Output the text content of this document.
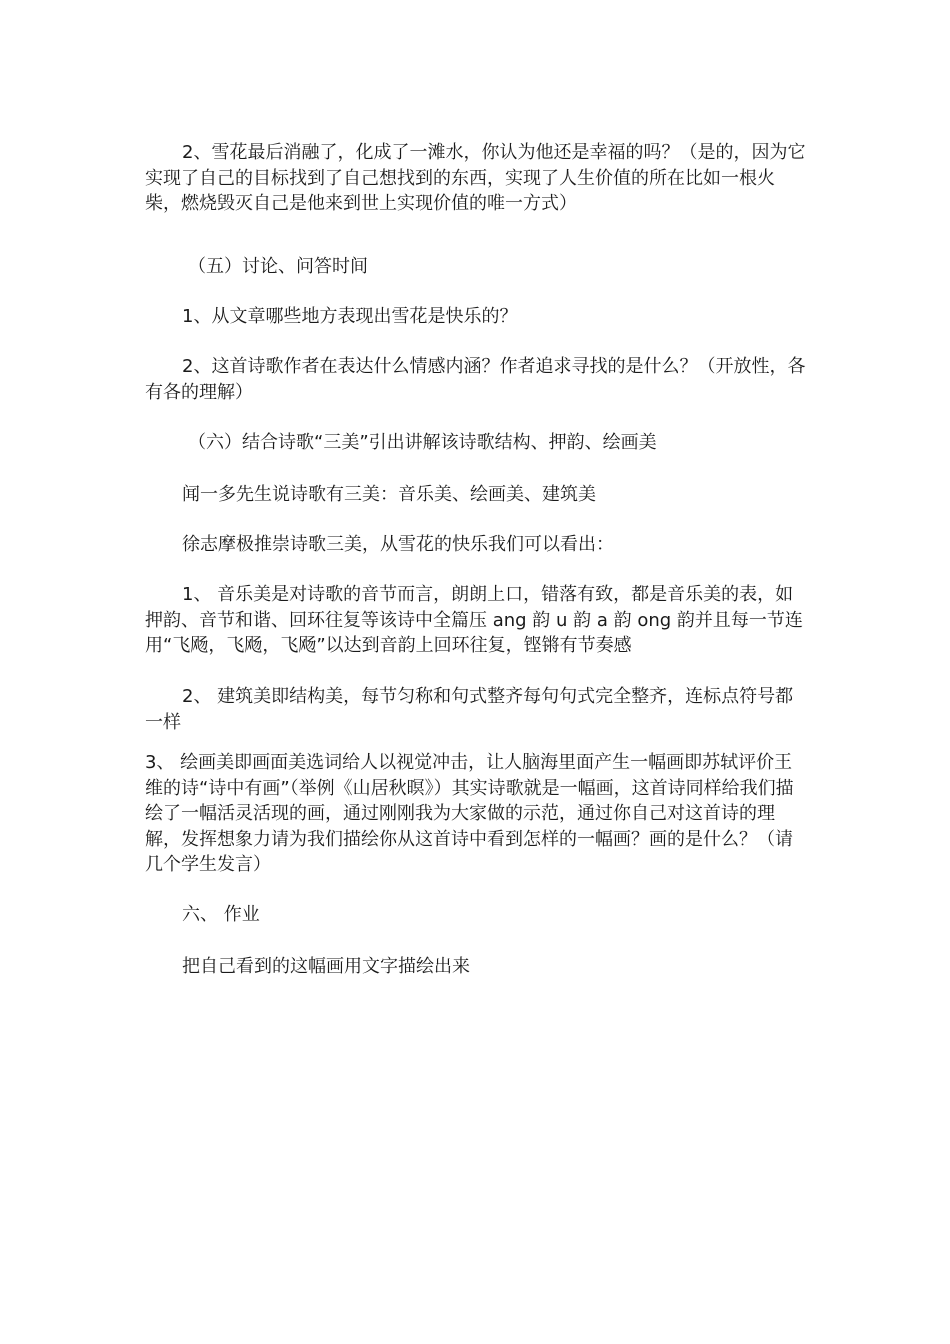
2、雪花最后消融了，化成了一滩水，你认为他还是幸福的吗？（是的，因为它实现了自己的目标找到了自己想找到的东西，实现了人生价值的所在比如一根火柴，燃烧毁灭自己是他来到世上实现价值的唯一方式）

（五）讨论、问答时间

1、从文章哪些地方表现出雪花是快乐的？

2、这首诗歌作者在表达什么情感内涵？作者追求寻找的是什么？（开放性，各有各的理解）

（六）结合诗歌“三美”引出讲解该诗歌结构、押韵、绘画美

闻一多先生说诗歌有三美：音乐美、绘画美、建筑美

徐志摩极推崇诗歌三美，从雪花的快乐我们可以看出：

1、 音乐美是对诗歌的音节而言，朗朗上口，错落有致，都是音乐美的表，如押韵、音节和谐、回环往复等该诗中全篇压 ang 韵 u 韵 a 韵 ong 韵并且每一节连用“飞飏，飞飏，飞飏”以达到音韵上回环往复，铿锵有节奏感

2、 建筑美即结构美，每节匀称和句式整齐每句句式完全整齐，连标点符号都一样

3、 绘画美即画面美选词给人以视觉冲击，让人脑海里面产生一幅画即苏轼评价王维的诗“诗中有画”（举例《山居秋暝》）其实诗歌就是一幅画，这首诗同样给我们描绘了一幅活灵活现的画，通过刚刚我为大家做的示范，通过你自己对这首诗的理解，发挥想象力请为我们描绘你从这首诗中看到怎样的一幅画？画的是什么？（请几个学生发言）

六、 作业

把自己看到的这幅画用文字描绘出来
